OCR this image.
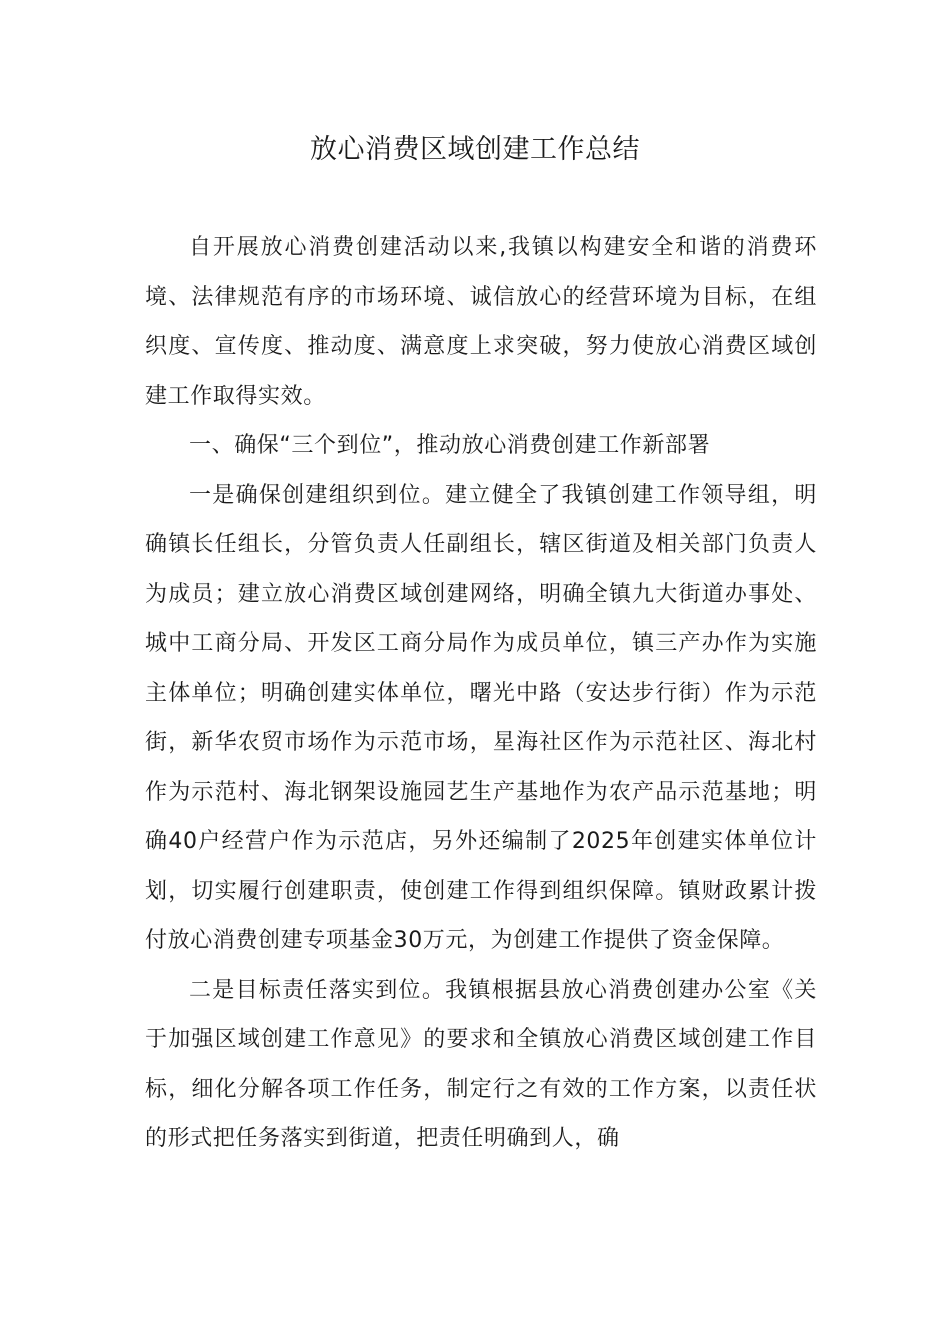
放心消费区域创建工作总结

自开展放心消费创建活动以来,我镇以构建安全和谐的消费环境、法律规范有序的市场环境、诚信放心的经营环境为目标，在组织度、宣传度、推动度、满意度上求突破，努力使放心消费区域创建工作取得实效。

一、确保“三个到位”，推动放心消费创建工作新部署

一是确保创建组织到位。建立健全了我镇创建工作领导组，明确镇长任组长，分管负责人任副组长，辖区街道及相关部门负责人为成员；建立放心消费区域创建网络，明确全镇九大街道办事处、城中工商分局、开发区工商分局作为成员单位，镇三产办作为实施主体单位；明确创建实体单位，曙光中路（安达步行街）作为示范街，新华农贸市场作为示范市场，星海社区作为示范社区、海北村作为示范村、海北钢架设施园艺生产基地作为农产品示范基地；明确40户经营户作为示范店，另外还编制了2025年创建实体单位计划，切实履行创建职责，使创建工作得到组织保障。镇财政累计拨付放心消费创建专项基金30万元，为创建工作提供了资金保障。

二是目标责任落实到位。我镇根据县放心消费创建办公室《关于加强区域创建工作意见》的要求和全镇放心消费区域创建工作目标，细化分解各项工作任务，制定行之有效的工作方案，以责任状的形式把任务落实到街道，把责任明确到人，确
